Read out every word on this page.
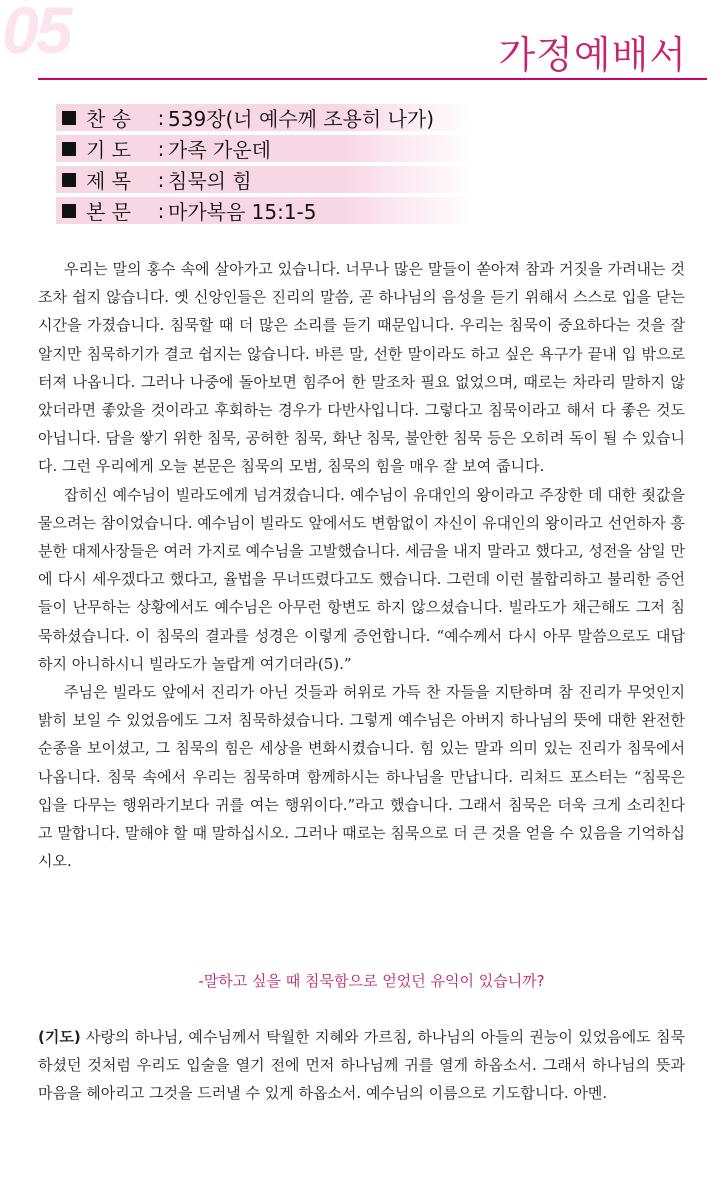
05	가정예배서
찬 송	: 539장(너 예수께 조용히 나가)
기 도	: 가족 가운데
제 목	: 침묵의 힘
본 문	: 마가복음 15:1-5

우리는 말의 홍수 속에 살아가고 있습니다. 너무나 많은 말들이 쏟아져 참과 거짓을 가려내는 것조차 쉽지 않습니다. 옛 신앙인들은 진리의 말씀, 곧 하나님의 음성을 듣기 위해서 스스로 입을 닫는 시간을 가졌습니다. 침묵할 때 더 많은 소리를 듣기 때문입니다. 우리는 침묵이 중요하다는 것을 잘 알지만 침묵하기가 결코 쉽지는 않습니다. 바른 말, 선한 말이라도 하고 싶은 욕구가 끝내 입 밖으로 터져 나옵니다. 그러나 나중에 돌아보면 힘주어 한 말조차 필요 없었으며, 때로는 차라리 말하지 않았더라면 좋았을 것이라고 후회하는 경우가 다반사입니다. 그렇다고 침묵이라고 해서 다 좋은 것도 아닙니다. 담을 쌓기 위한 침묵, 공허한 침묵, 화난 침묵, 불안한 침묵 등은 오히려 독이 될 수 있습니다. 그런 우리에게 오늘 본문은 침묵의 모범, 침묵의 힘을 매우 잘 보여 줍니다.

잡히신 예수님이 빌라도에게 넘겨졌습니다. 예수님이 유대인의 왕이라고 주장한 데 대한 죗값을 물으려는 참이었습니다. 예수님이 빌라도 앞에서도 변함없이 자신이 유대인의 왕이라고 선언하자 흥분한 대제사장들은 여러 가지로 예수님을 고발했습니다. 세금을 내지 말라고 했다고, 성전을 삼일 만에 다시 세우겠다고 했다고, 율법을 무너뜨렸다고도 했습니다. 그런데 이런 불합리하고 불리한 증언들이 난무하는 상황에서도 예수님은 아무런 항변도 하지 않으셨습니다. 빌라도가 채근해도 그저 침묵하셨습니다. 이 침묵의 결과를 성경은 이렇게 증언합니다. “예수께서 다시 아무 말씀으로도 대답하지 아니하시니 빌라도가 놀랍게 여기더라(5).”

주님은 빌라도 앞에서 진리가 아닌 것들과 허위로 가득 찬 자들을 지탄하며 참 진리가 무엇인지 밝히 보일 수 있었음에도 그저 침묵하셨습니다. 그렇게 예수님은 아버지 하나님의 뜻에 대한 완전한 순종을 보이셨고, 그 침묵의 힘은 세상을 변화시켰습니다. 힘 있는 말과 의미 있는 진리가 침묵에서 나옵니다. 침묵 속에서 우리는 침묵하며 함께하시는 하나님을 만납니다. 리처드 포스터는 “침묵은 입을 다무는 행위라기보다 귀를 여는 행위이다.”라고 했습니다. 그래서 침묵은 더욱 크게 소리친다고 말합니다. 말해야 할 때 말하십시오. 그러나 때로는 침묵으로 더 큰 것을 얻을 수 있음을 기억하십시오.

-말하고 싶을 때 침묵함으로 얻었던 유익이 있습니까?
(기도) 사랑의 하나님, 예수님께서 탁월한 지혜와 가르침, 하나님의 아들의 권능이 있었음에도 침묵하셨던 것처럼 우리도 입술을 열기 전에 먼저 하나님께 귀를 열게 하옵소서. 그래서 하나님의 뜻과 마음을 헤아리고 그것을 드러낼 수 있게 하옵소서. 예수님의 이름으로 기도합니다. 아멘.
